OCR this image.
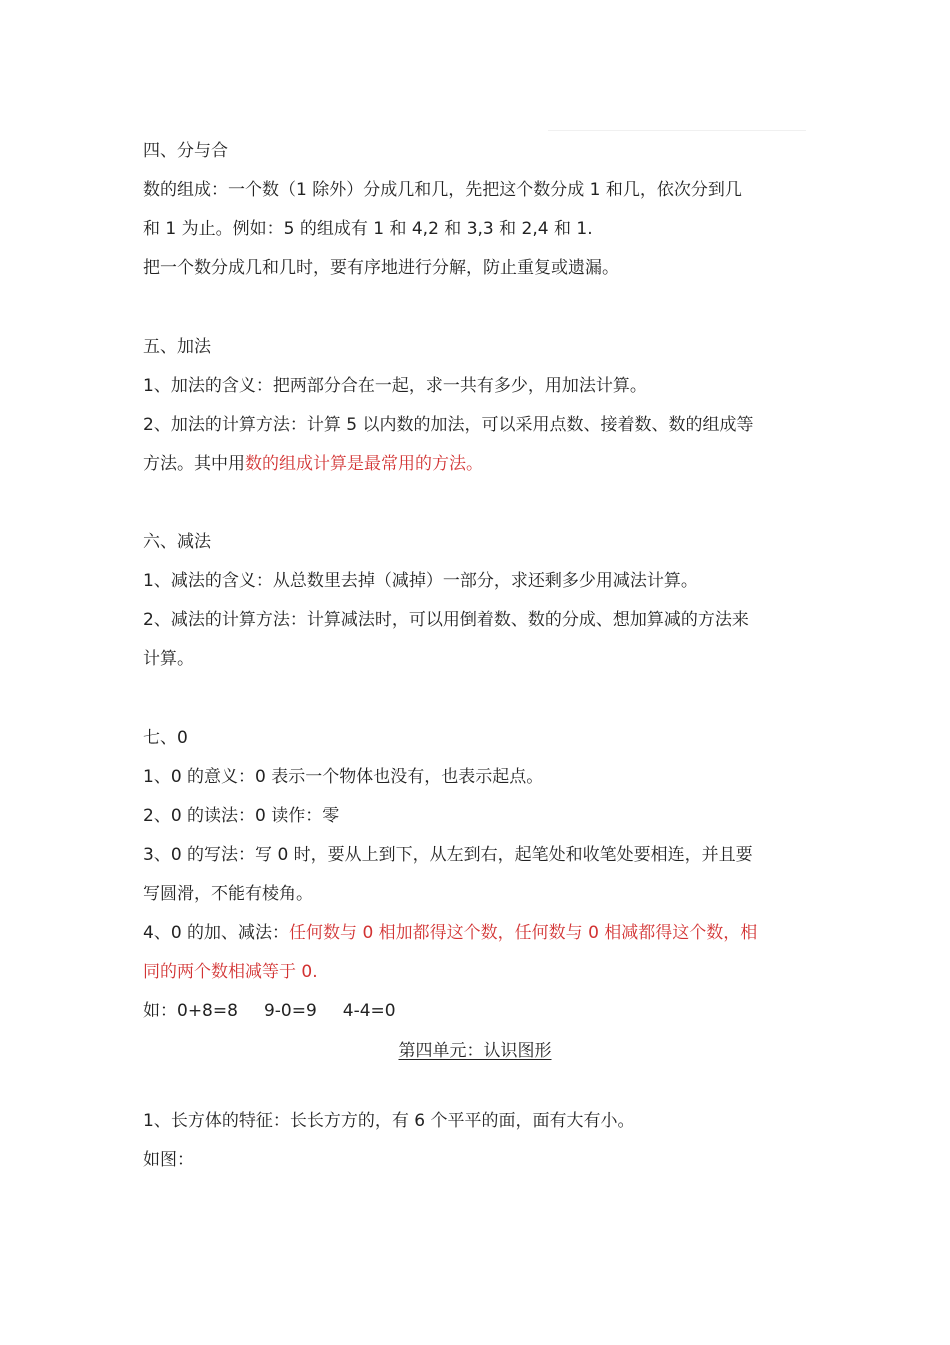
四、分与合
数的组成：一个数（1 除外）分成几和几，先把这个数分成 1 和几，依次分到几
和 1 为止。例如：5 的组成有 1 和 4,2 和 3,3 和 2,4 和 1.
把一个数分成几和几时，要有序地进行分解，防止重复或遗漏。
五、加法
1、加法的含义：把两部分合在一起，求一共有多少，用加法计算。
2、加法的计算方法：计算 5 以内数的加法，可以采用点数、接着数、数的组成等
方法。其中用数的组成计算是最常用的方法。
六、减法
1、减法的含义：从总数里去掉（减掉）一部分，求还剩多少用减法计算。
2、减法的计算方法：计算减法时，可以用倒着数、数的分成、想加算减的方法来
计算。
七、0
1、0 的意义：0 表示一个物体也没有，也表示起点。
2、0 的读法：0 读作：零
3、0 的写法：写 0 时，要从上到下，从左到右，起笔处和收笔处要相连，并且要
写圆滑，不能有棱角。
4、0 的加、减法：任何数与 0 相加都得这个数，任何数与 0 相减都得这个数，相
同的两个数相减等于 0.
如：0+8=8 9-0=9 4-4=0
第四单元：认识图形
1、长方体的特征：长长方方的，有 6 个平平的面，面有大有小。
如图：
